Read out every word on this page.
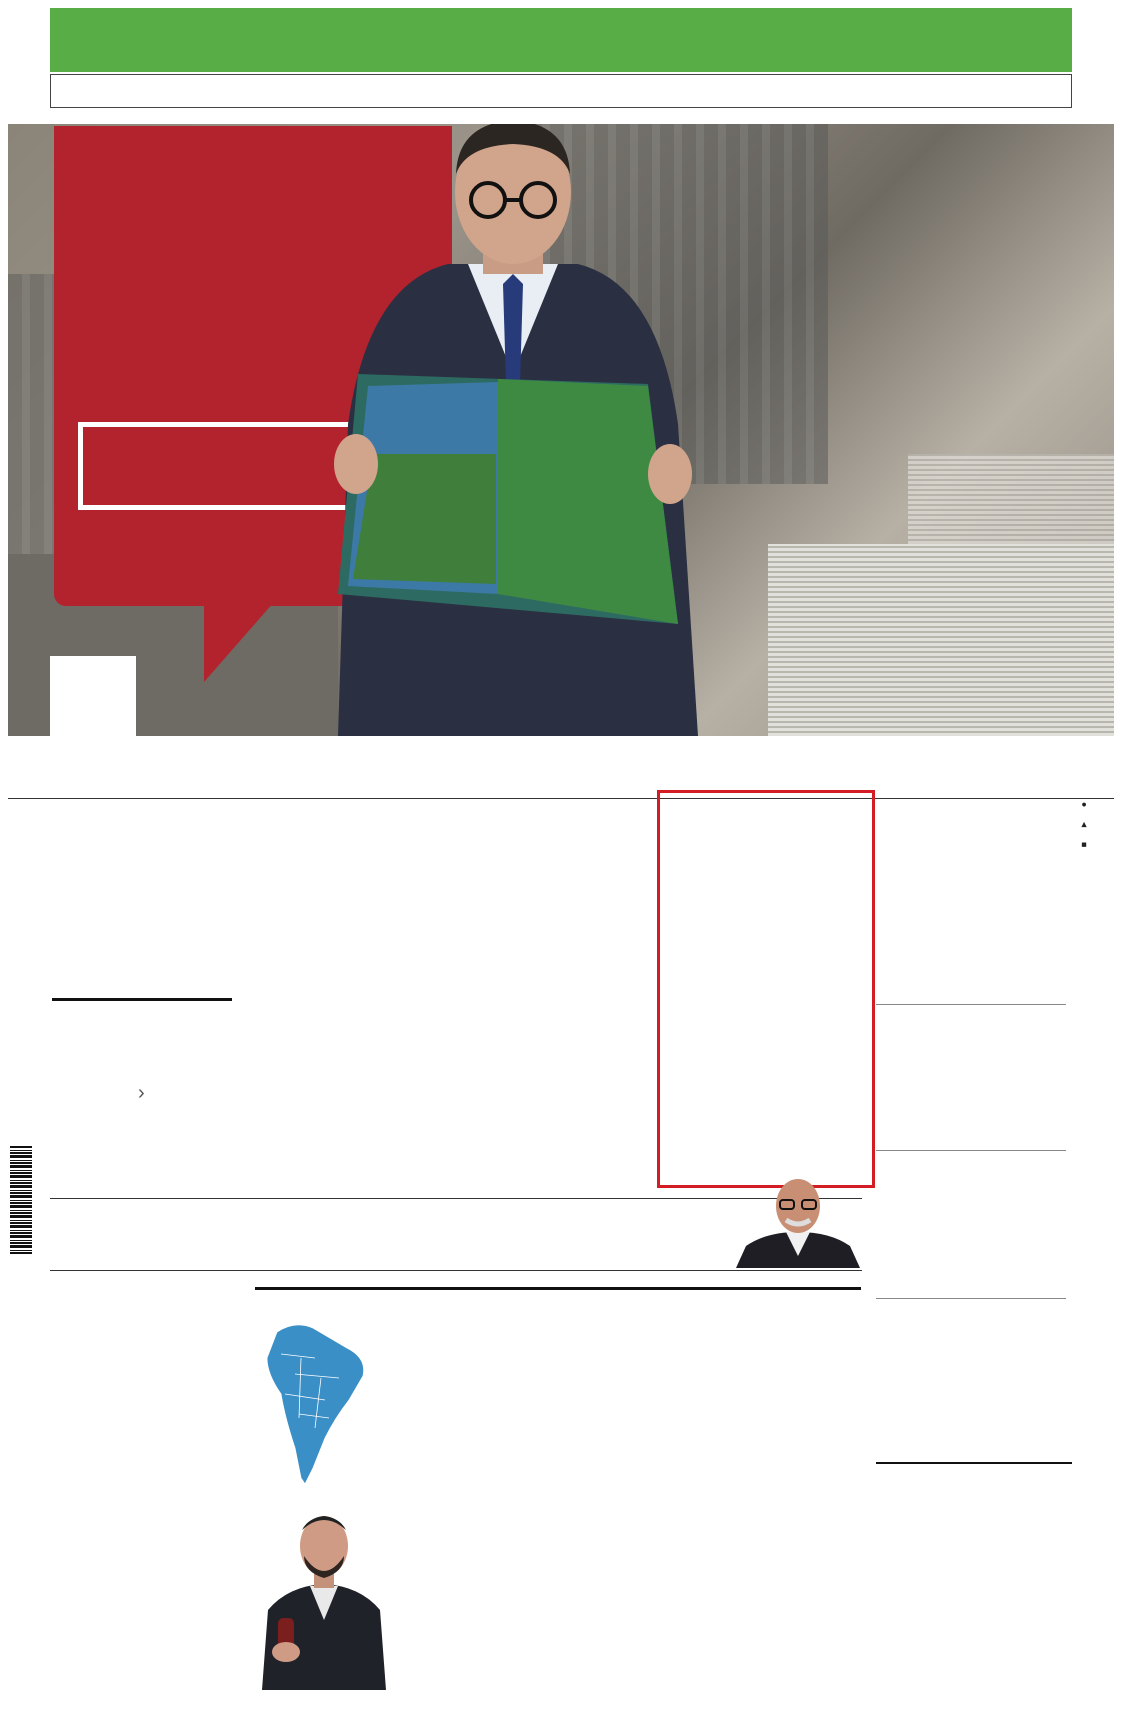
›

■    ▼    ●
